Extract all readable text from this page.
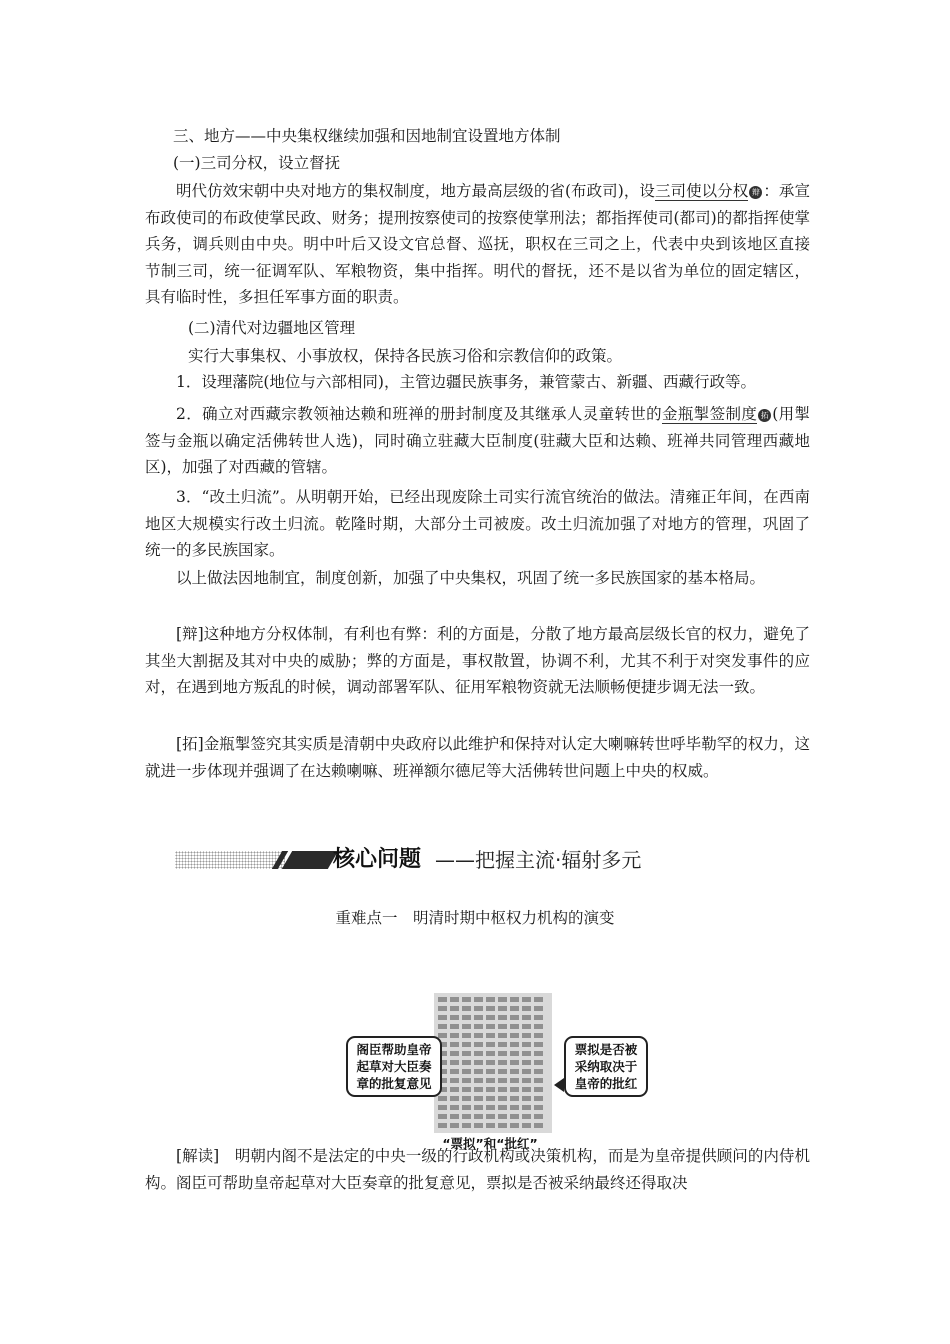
三、地方——中央集权继续加强和因地制宜设置地方体制
(一)三司分权，设立督抚
明代仿效宋朝中央对地方的集权制度，地方最高层级的省(布政司)，设三司使以分权 辩 ：承宣布政使司的布政使掌民政、财务；提刑按察使司的按察使掌刑法；都指挥使司(都司)的都指挥使掌兵务，调兵则由中央。明中叶后又设文官总督、巡抚，职权在三司之上，代表中央到该地区直接节制三司，统一征调军队、军粮物资，集中指挥。明代的督抚，还不是以省为单位的固定辖区，具有临时性，多担任军事方面的职责。
(二)清代对边疆地区管理
实行大事集权、小事放权，保持各民族习俗和宗教信仰的政策。
1．设理藩院(地位与六部相同)，主管边疆民族事务，兼管蒙古、新疆、西藏行政等。
2．确立对西藏宗教领袖达赖和班禅的册封制度及其继承人灵童转世的金瓶掣签制度 拓 (用掣签与金瓶以确定活佛转世人选)，同时确立驻藏大臣制度(驻藏大臣和达赖、班禅共同管理西藏地区)，加强了对西藏的管辖。
3．“改土归流”。从明朝开始，已经出现废除土司实行流官统治的做法。清雍正年间，在西南地区大规模实行改土归流。乾隆时期，大部分土司被废。改土归流加强了对地方的管理，巩固了统一的多民族国家。
以上做法因地制宜，制度创新，加强了中央集权，巩固了统一多民族国家的基本格局。
[辩]这种地方分权体制，有利也有弊：利的方面是，分散了地方最高层级长官的权力，避免了其坐大割据及其对中央的威胁；弊的方面是，事权散置，协调不利，尤其不利于对突发事件的应对，在遇到地方叛乱的时候，调动部署军队、征用军粮物资就无法顺畅便捷步调无法一致。
[拓]金瓶掣签究其实质是清朝中央政府以此维护和保持对认定大喇嘛转世呼毕勒罕的权力，这就进一步体现并强调了在达赖喇嘛、班禅额尔德尼等大活佛转世问题上中央的权威。
核心问题 ——把握主流·辐射多元
重难点一　明清时期中枢权力机构的演变
阁臣帮助皇帝起草对大臣奏章的批复意见
票拟是否被采纳取决于皇帝的批红
“票拟”和“批红”
[解读]　明朝内阁不是法定的中央一级的行政机构或决策机构，而是为皇帝提供顾问的内侍机构。阁臣可帮助皇帝起草对大臣奏章的批复意见，票拟是否被采纳最终还得取决
